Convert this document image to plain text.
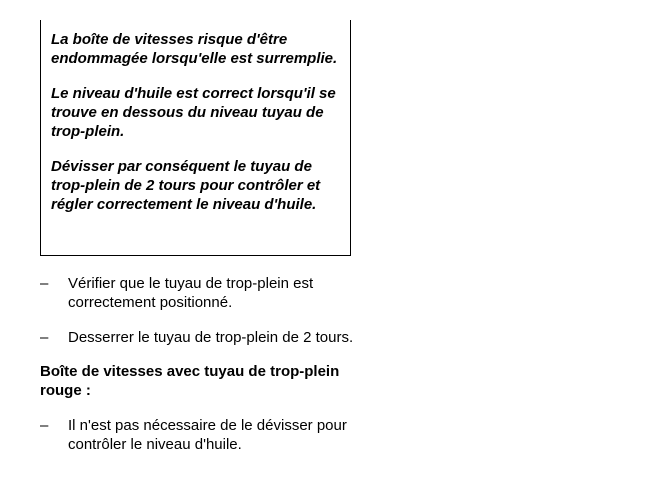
La boîte de vitesses risque d'être endommagée lorsqu'elle est surremplie.

Le niveau d'huile est correct lorsqu'il se trouve en dessous du niveau tuyau de trop-plein.

Dévisser par conséquent le tuyau de trop-plein de 2 tours pour contrôler et régler correctement le niveau d'huile.

–	Vérifier que le tuyau de trop-plein est correctement positionné.
–	Desserrer le tuyau de trop-plein de 2 tours.
Boîte de vitesses avec tuyau de trop-plein rouge :
–	Il n'est pas nécessaire de le dévisser pour contrôler le niveau d'huile.
